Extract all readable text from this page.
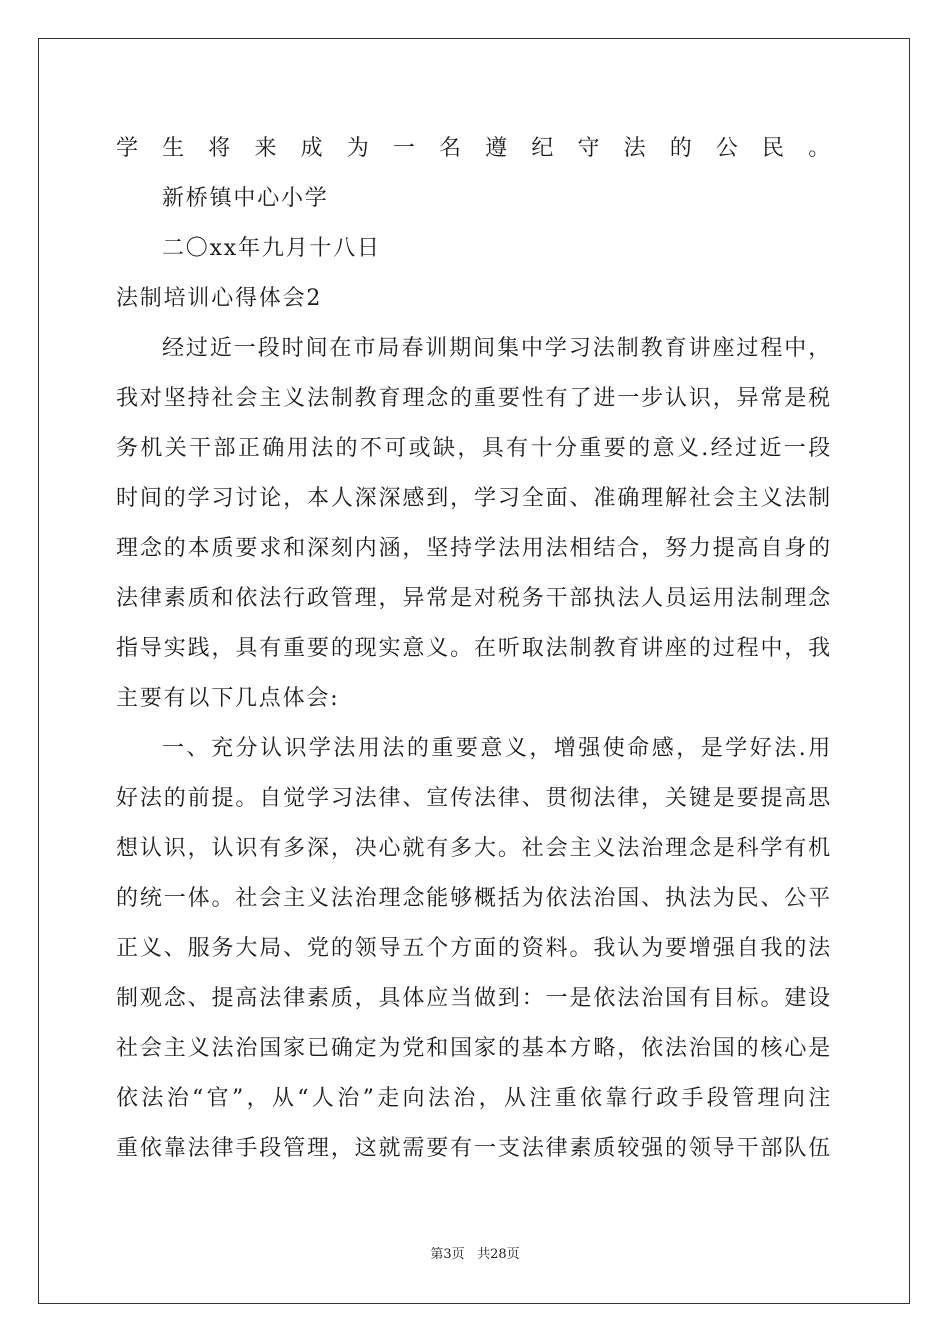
学生将来成为一名遵纪守法的公民。
新桥镇中心小学
二〇xx年九月十八日
法制培训心得体会2
经过近一段时间在市局春训期间集中学习法制教育讲座过程中，
我对坚持社会主义法制教育理念的重要性有了进一步认识，异常是税
务机关干部正确用法的不可或缺，具有十分重要的意义.经过近一段
时间的学习讨论，本人深深感到，学习全面、准确理解社会主义法制
理念的本质要求和深刻内涵，坚持学法用法相结合，努力提高自身的
法律素质和依法行政管理，异常是对税务干部执法人员运用法制理念
指导实践，具有重要的现实意义。在听取法制教育讲座的过程中，我
主要有以下几点体会:
一、充分认识学法用法的重要意义，增强使命感，是学好法.用
好法的前提。自觉学习法律、宣传法律、贯彻法律，关键是要提高思
想认识，认识有多深，决心就有多大。社会主义法治理念是科学有机
的统一体。社会主义法治理念能够概括为依法治国、执法为民、公平
正义、服务大局、党的领导五个方面的资料。我认为要增强自我的法
制观念、提高法律素质，具体应当做到：一是依法治国有目标。建设
社会主义法治国家已确定为党和国家的基本方略，依法治国的核心是
依法治“官”，从“人治”走向法治，从注重依靠行政手段管理向注
重依靠法律手段管理，这就需要有一支法律素质较强的领导干部队伍
第3页 共28页
